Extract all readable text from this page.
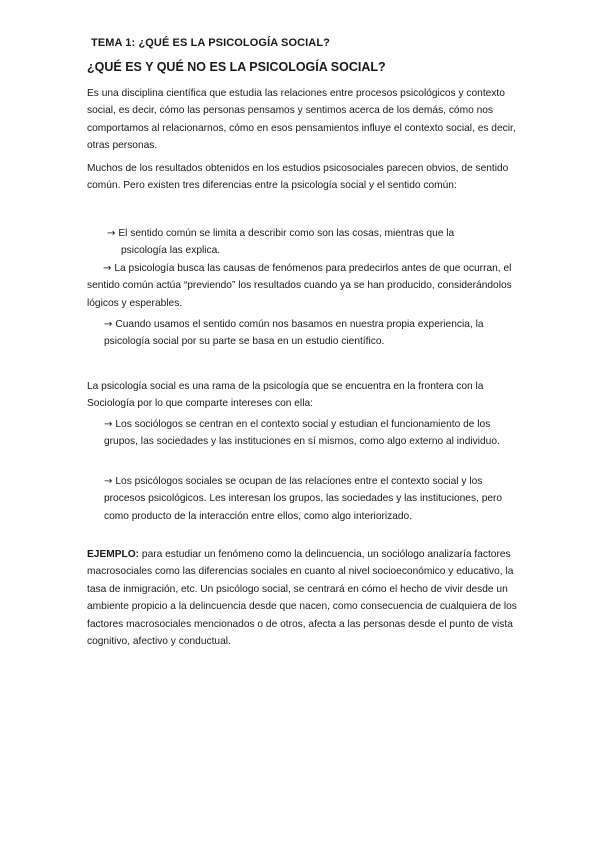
TEMA 1: ¿QUÉ ES LA PSICOLOGÍA SOCIAL?
¿QUÉ ES Y QUÉ NO ES LA PSICOLOGÍA SOCIAL?
Es una disciplina científica que estudia las relaciones entre procesos psicológicos y contexto social, es decir, cómo las personas pensamos y sentimos acerca de los demás, cómo nos comportamos al relacionarnos, cómo en esos pensamientos influye el contexto social, es decir, otras personas.
Muchos de los resultados obtenidos en los estudios psicosociales parecen obvios, de sentido común. Pero existen tres diferencias entre la psicología social y el sentido común:
→ El sentido común se limita a describir como son las cosas, mientras que la
psicología las explica.
→ La psicología busca las causas de fenómenos para predecirlos antes de que ocurran, el sentido común actúa “previendo” los resultados cuando ya se han producido, considerándolos lógicos y esperables.
→ Cuando usamos el sentido común nos basamos en nuestra propia experiencia, la psicología social por su parte se basa en un estudio científico.
La psicología social es una rama de la psicología que se encuentra en la frontera con la Sociología por lo que comparte intereses con ella:
→ Los sociólogos se centran en el contexto social y estudian el funcionamiento de los grupos, las sociedades y las instituciones en sí mismos, como algo externo al individuo.
→ Los psicólogos sociales se ocupan de las relaciones entre el contexto social y los procesos psicológicos. Les interesan los grupos, las sociedades y las instituciones, pero como producto de la interacción entre ellos, como algo interiorizado.
EJEMPLO: para estudiar un fenómeno como la delincuencia, un sociólogo analizaría factores macrosociales como las diferencias sociales en cuanto al nivel socioeconómico y educativo, la tasa de inmigración, etc. Un psicólogo social, se centrará en cómo el hecho de vivir desde un ambiente propicio a la delincuencia desde que nacen, como consecuencia de cualquiera de los factores macrosociales mencionados o de otros, afecta a las personas desde el punto de vista cognitivo, afectivo y conductual.
